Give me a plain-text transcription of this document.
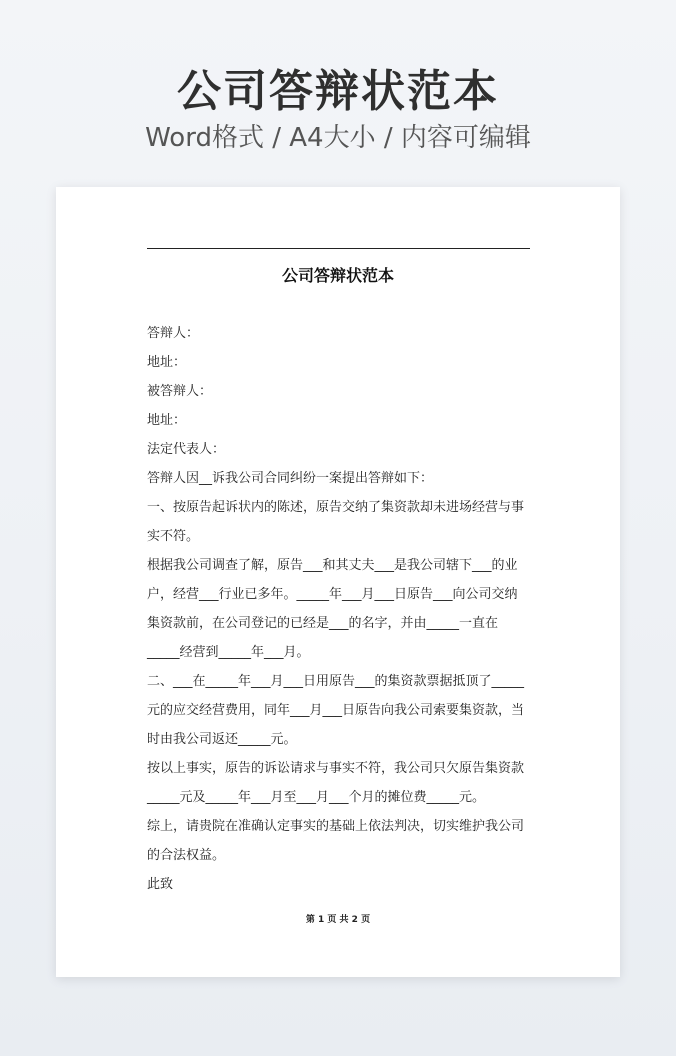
公司答辩状范本
Word格式 / A4大小 / 内容可编辑
公司答辩状范本

答辩人：

地址：

被答辩人：

地址：

法定代表人：

答辩人因__诉我公司合同纠纷一案提出答辩如下：

一、按原告起诉状内的陈述，原告交纳了集资款却未进场经营与事实不符。

根据我公司调查了解，原告___和其丈夫___是我公司辖下___的业户，经营___行业已多年。_____年___月___日原告___向公司交纳集资款前，在公司登记的已经是___的名字，并由_____一直在_____经营到_____年___月。

二、___在_____年___月___日用原告___的集资款票据抵顶了_____元的应交经营费用，同年___月___日原告向我公司索要集资款，当时由我公司返还_____元。

按以上事实，原告的诉讼请求与事实不符，我公司只欠原告集资款_____元及_____年___月至___月___个月的摊位费_____元。

综上，请贵院在准确认定事实的基础上依法判决，切实维护我公司的合法权益。

此致

第 1 页 共 2 页
